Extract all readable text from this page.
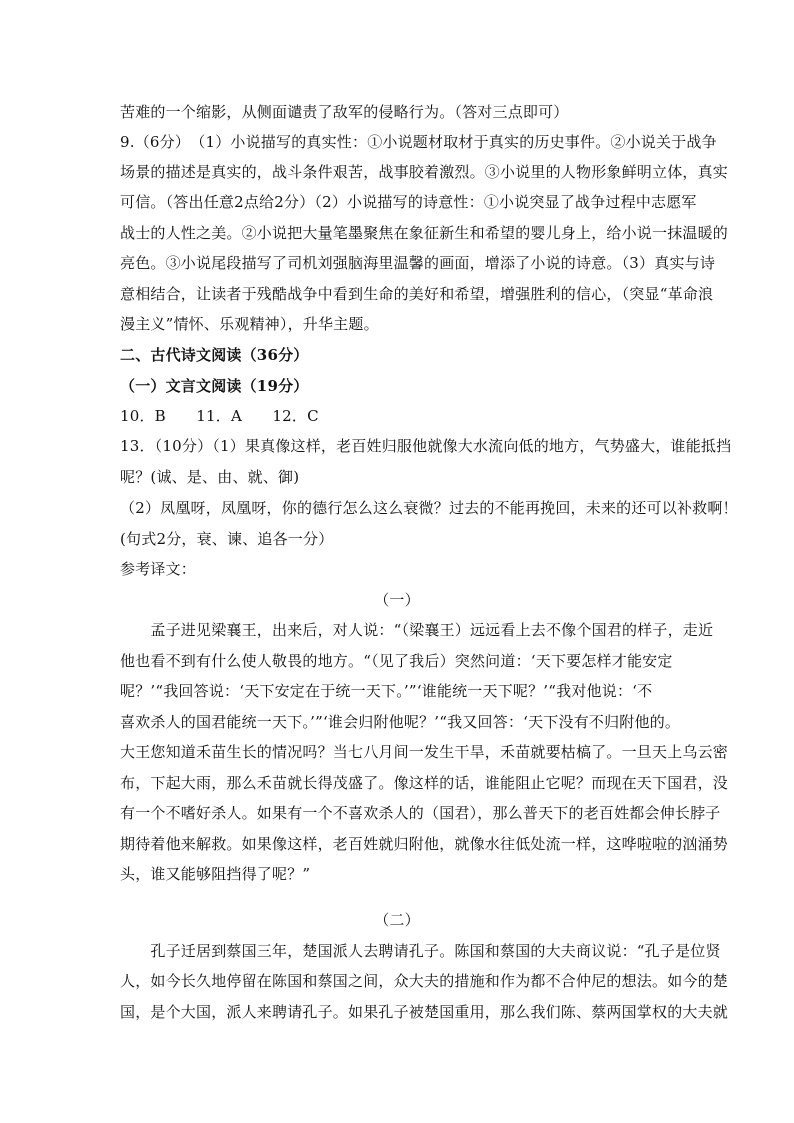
苦难的一个缩影，从侧面谴责了敌军的侵略行为。（答对三点即可）
9.（6分）　（1）小说描写的真实性：①小说题材取材于真实的历史事件。②小说关于战争
场景的描述是真实的，战斗条件艰苦，战事胶着激烈。③小说里的人物形象鲜明立体，真实
可信。（答出任意2点给2分）（2）小说描写的诗意性：①小说突显了战争过程中志愿军
战士的人性之美。②小说把大量笔墨聚焦在象征新生和希望的婴儿身上，给小说一抹温暖的
亮色。③小说尾段描写了司机刘强脑海里温馨的画面，增添了小说的诗意。（3）真实与诗
意相结合，让读者于残酷战争中看到生命的美好和希望，增强胜利的信心，（突显“革命浪
漫主义”情怀、乐观精神），升华主题。
二、古代诗文阅读（36分）
（一）文言文阅读（19分）
10．B　　11．A　　12．C
13．（10分）（1）果真像这样，老百姓归服他就像大水流向低的地方，气势盛大，谁能抵挡
呢？(诚、是、由、就、御)
（2）凤凰呀，凤凰呀，你的德行怎么这么衰微？过去的不能再挽回，未来的还可以补救啊！
(句式2分，衰、谏、追各一分）
参考译文：
（一）
　　孟子进见梁襄王，出来后，对人说：“（梁襄王）远远看上去不像个国君的样子，走近
他也看不到有什么使人敬畏的地方。“（见了我后）突然问道：‘天下要怎样才能安定
呢？’“我回答说：‘天下安定在于统一天下。’”‘谁能统一天下呢？’“我对他说：‘不
喜欢杀人的国君能统一天下。’”‘谁会归附他呢？’“我又回答：‘天下没有不归附他的。
大王您知道禾苗生长的情况吗？当七八月间一发生干旱，禾苗就要枯槁了。一旦天上乌云密
布，下起大雨，那么禾苗就长得茂盛了。像这样的话，谁能阻止它呢？而现在天下国君，没
有一个不嗜好杀人。如果有一个不喜欢杀人的（国君），那么普天下的老百姓都会伸长脖子
期待着他来解救。如果像这样，老百姓就归附他，就像水往低处流一样，这哗啦啦的汹涌势
头，谁又能够阻挡得了呢？”
（二）
　　孔子迁居到蔡国三年，楚国派人去聘请孔子。陈国和蔡国的大夫商议说：“孔子是位贤
人，如今长久地停留在陈国和蔡国之间，众大夫的措施和作为都不合仲尼的想法。如今的楚
国，是个大国，派人来聘请孔子。如果孔子被楚国重用，那么我们陈、蔡两国掌权的大夫就
